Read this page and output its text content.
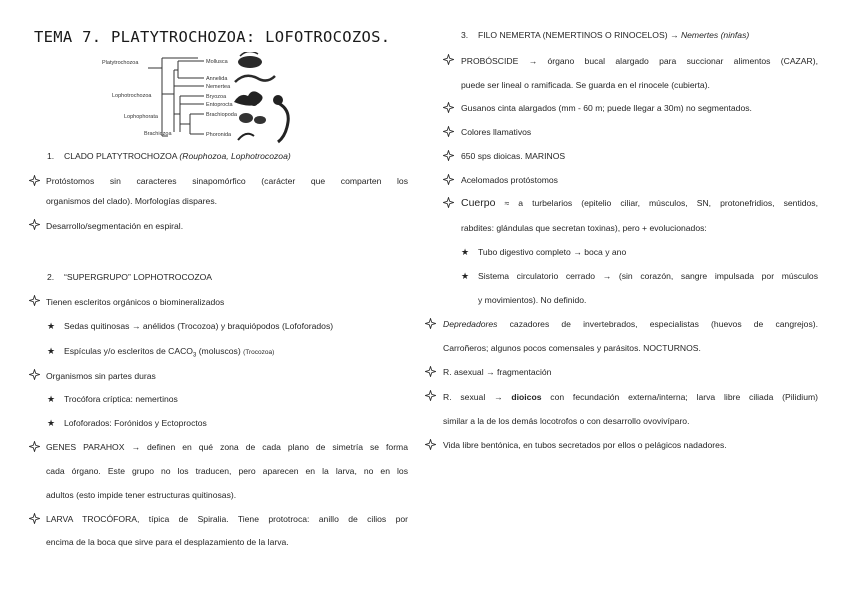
TEMA 7. PLATYTROCHOZOA: LOFOTROCOZOS.
Platytrochozoa
Lophotrochozoa
Lophophorata
Brachiozoa
Mollusca
Annelida
Nemertea
Bryozoa
Entoprocta
Brachiopoda
Phoronida
1. CLADO PLATYTROCHOZOA (Rouphozoa, Lophotrocozoa)
Protóstomos sin caracteres sinapomórfico (carácter que comparten los
organismos del clado). Morfologías dispares.
Desarrollo/segmentación en espiral.
2. “SUPERGRUPO” LOPHOTROCOZOA
Tienen escleritos orgánicos o biomineralizados
★ Sedas quitinosas → anélidos (Trocozoa) y braquiópodos (Lofoforados)
★ Espículas y/o escleritos de $CACO_3$ (moluscos) (Trocozoa)
Organismos sin partes duras
★ Trocófora críptica: nemertinos
★ Lofoforados: Forónidos y Ectoproctos
GENES PARAHOX → definen en qué zona de cada plano de simetría se forma
cada órgano. Este grupo no los traducen, pero aparecen en la larva, no en los
adultos (esto impide tener estructuras quitinosas).
LARVA TROCÓFORA, típica de Spiralia. Tiene prototroca: anillo de cilios por
encima de la boca que sirve para el desplazamiento de la larva.
3. FILO NEMERTA (NEMERTINOS O RINOCELOS) → Nemertes (ninfas)
PROBÓSCIDE → órgano bucal alargado para succionar alimentos (CAZAR),
puede ser lineal o ramificada. Se guarda en el rinocele (cubierta).
Gusanos cinta alargados (mm - 60 m; puede llegar a 30m) no segmentados.
Colores llamativos
650 sps dioicas. MARINOS
Acelomados protóstomos
Cuerpo ≈ a turbelarios (epitelio ciliar, músculos, SN, protonefridios, sentidos,
rabdites: glándulas que secretan toxinas), pero + evolucionados:
★ Tubo digestivo completo → boca y ano
★ Sistema circulatorio cerrado → (sin corazón, sangre impulsada por músculos
y movimientos). No definido.
Depredadores cazadores de invertebrados, especialistas (huevos de cangrejos).
Carroñeros; algunos pocos comensales y parásitos. NOCTURNOS.
R. asexual → fragmentación
R. sexual → dioicos con fecundación externa/interna; larva libre ciliada (Pilidium)
similar a la de los demás locotrofos o con desarrollo ovovivíparo.
Vida libre bentónica, en tubos secretados por ellos o pelágicos nadadores.
